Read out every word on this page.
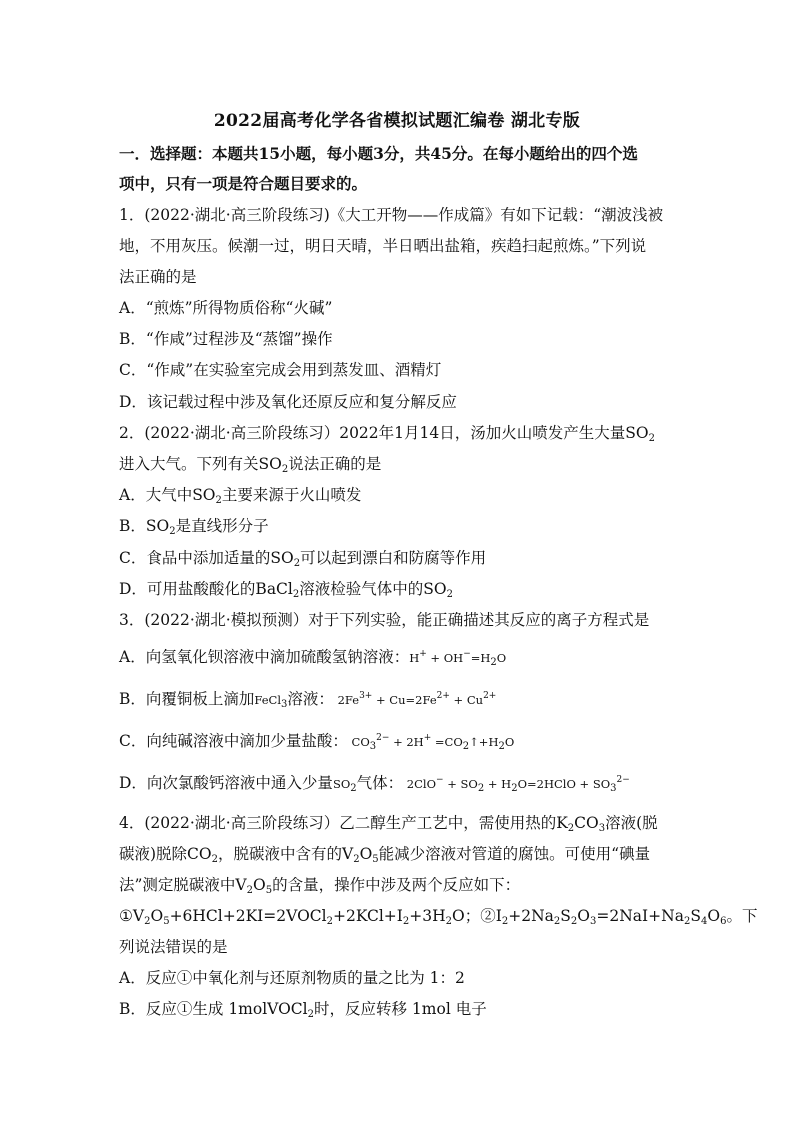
2022届高考化学各省模拟试题汇编卷 湖北专版
一．选择题：本题共15小题，每小题3分，共45分。在每小题给出的四个选
项中，只有一项是符合题目要求的。
1．(2022·湖北·高三阶段练习)《大工开物——作成篇》有如下记载：“潮波浅被
地，不用灰压。候潮一过，明日天晴，半日晒出盐箱，疾趋扫起煎炼。”下列说
法正确的是
A．“煎炼”所得物质俗称“火碱”
B．“作咸”过程涉及“蒸馏”操作
C．“作咸”在实验室完成会用到蒸发皿、酒精灯
D．该记载过程中涉及氧化还原反应和复分解反应
2．(2022·湖北·高三阶段练习）2022年1月14日，汤加火山喷发产生大量$SO_2$
进入大气。下列有关$SO_2$说法正确的是
A．大气中$SO_2$主要来源于火山喷发
B．$SO_2$是直线形分子
C．食品中添加适量的$SO_2$可以起到漂白和防腐等作用
D．可用盐酸酸化的BaCl$_2$溶液检验气体中的$SO_2$
3．(2022·湖北·模拟预测）对于下列实验，能正确描述其反应的离子方程式是
A．向氢氧化钡溶液中滴加硫酸氢钠溶液：$H^+ + OH^-=H_2O$
B．向覆铜板上滴加FeCl$_3$溶液： $2Fe^{3+} + Cu=2Fe^{2+} + Cu^{2+}$
C．向纯碱溶液中滴加少量盐酸： $CO_3^{2-} + 2H^+$ $=CO_2↑+H_2O$
D．向次氯酸钙溶液中通入少量$SO_2$气体： $2ClO^- + SO_2$ + $H_2O=2HClO + SO_3^{2-}$
4．(2022·湖北·高三阶段练习）乙二醇生产工艺中，需使用热的$K_2CO_3$溶液(脱
碳液)脱除$CO_2$，脱碳液中含有的$V_2O_5$能减少溶液对管道的腐蚀。可使用“碘量
法”测定脱碳液中$V_2O_5$的含量，操作中涉及两个反应如下：
$①V_2O_5+6HCl+2KI=2VOCl_2+2KCl+I_2+3H_2O$；$②I_2+2Na_2S_2O_3=2NaI+Na_2S_4O_6$。下
列说法错误的是
A．反应①中氧化剂与还原剂物质的量之比为 1：2
B．反应①生成 1molVOCl$_2$时，反应转移 1mol 电子
